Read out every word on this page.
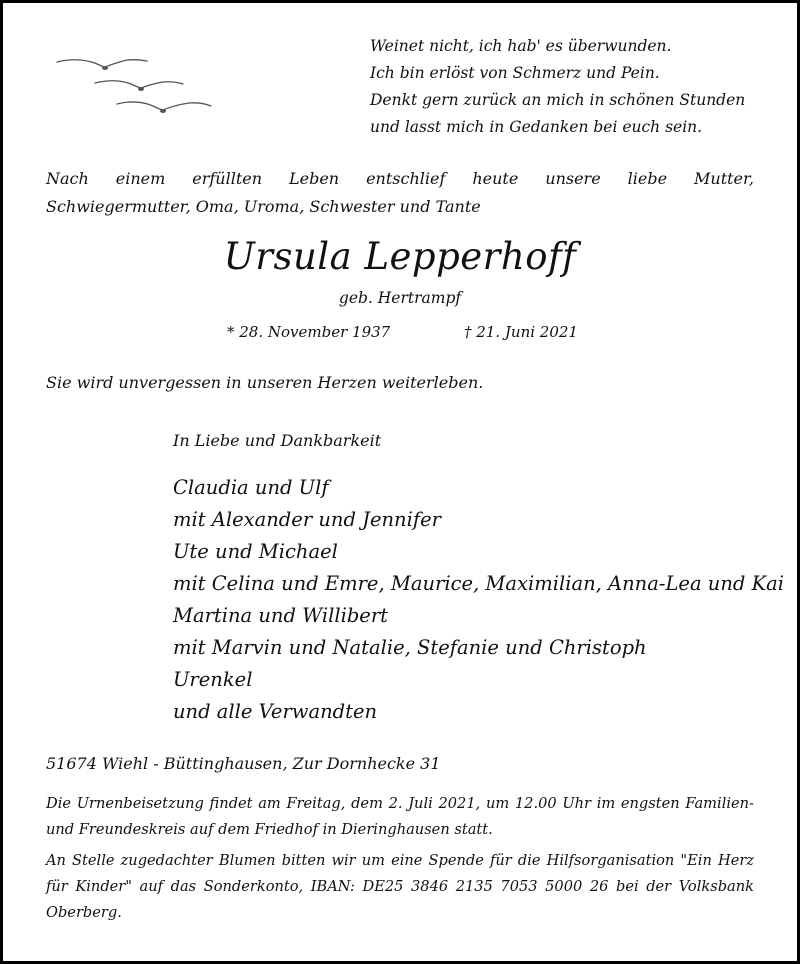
Weinet nicht, ich hab' es überwunden.
Ich bin erlöst von Schmerz und Pein.
Denkt gern zurück an mich in schönen Stunden
und lasst mich in Gedanken bei euch sein.
Nach einem erfüllten Leben entschlief heute unsere liebe Mutter,
Schwiegermutter, Oma, Uroma, Schwester und Tante
Ursula Lepperhoff
geb. Hertrampf
* 28. November 1937	† 21. Juni 2021
Sie wird unvergessen in unseren Herzen weiterleben.
In Liebe und Dankbarkeit
Claudia und Ulf
mit Alexander und Jennifer
Ute und Michael
mit Celina und Emre, Maurice, Maximilian, Anna-Lea und Kai
Martina und Willibert
mit Marvin und Natalie, Stefanie und Christoph
Urenkel
und alle Verwandten
51674 Wiehl - Büttinghausen, Zur Dornhecke 31
Die Urnenbeisetzung findet am Freitag, dem 2. Juli 2021, um 12.00 Uhr im engsten Familien- und Freundeskreis auf dem Friedhof in Dieringhausen statt.
An Stelle zugedachter Blumen bitten wir um eine Spende für die Hilfsorganisation "Ein Herz für Kinder" auf das Sonderkonto, IBAN: DE25 3846 2135 7053 5000 26 bei der Volksbank Oberberg.
